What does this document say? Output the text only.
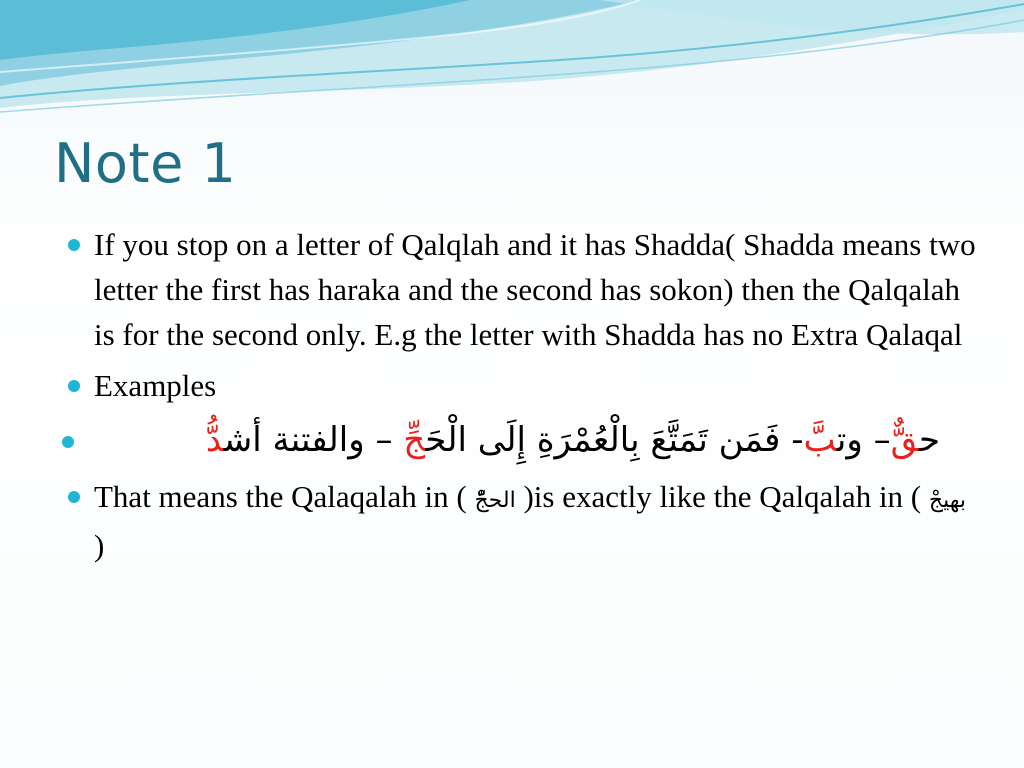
Note 1
If you stop on a letter of Qalqlah and it has Shadda( Shadda means two letter the first has haraka and the second has sokon) then the Qalqalah is for the second only. E.g the letter with Shadda has no Extra Qalaqal
Examples
حقٌّ– وتبَّ- فَمَن تَمَتَّعَ بِالْعُمْرَةِ إِلَى الْحَجِّ – والفتنة أشدُّ
That means the Qalaqalah in ( الحجّْ )is exactly like the Qalqalah in ( بهيجْ )
